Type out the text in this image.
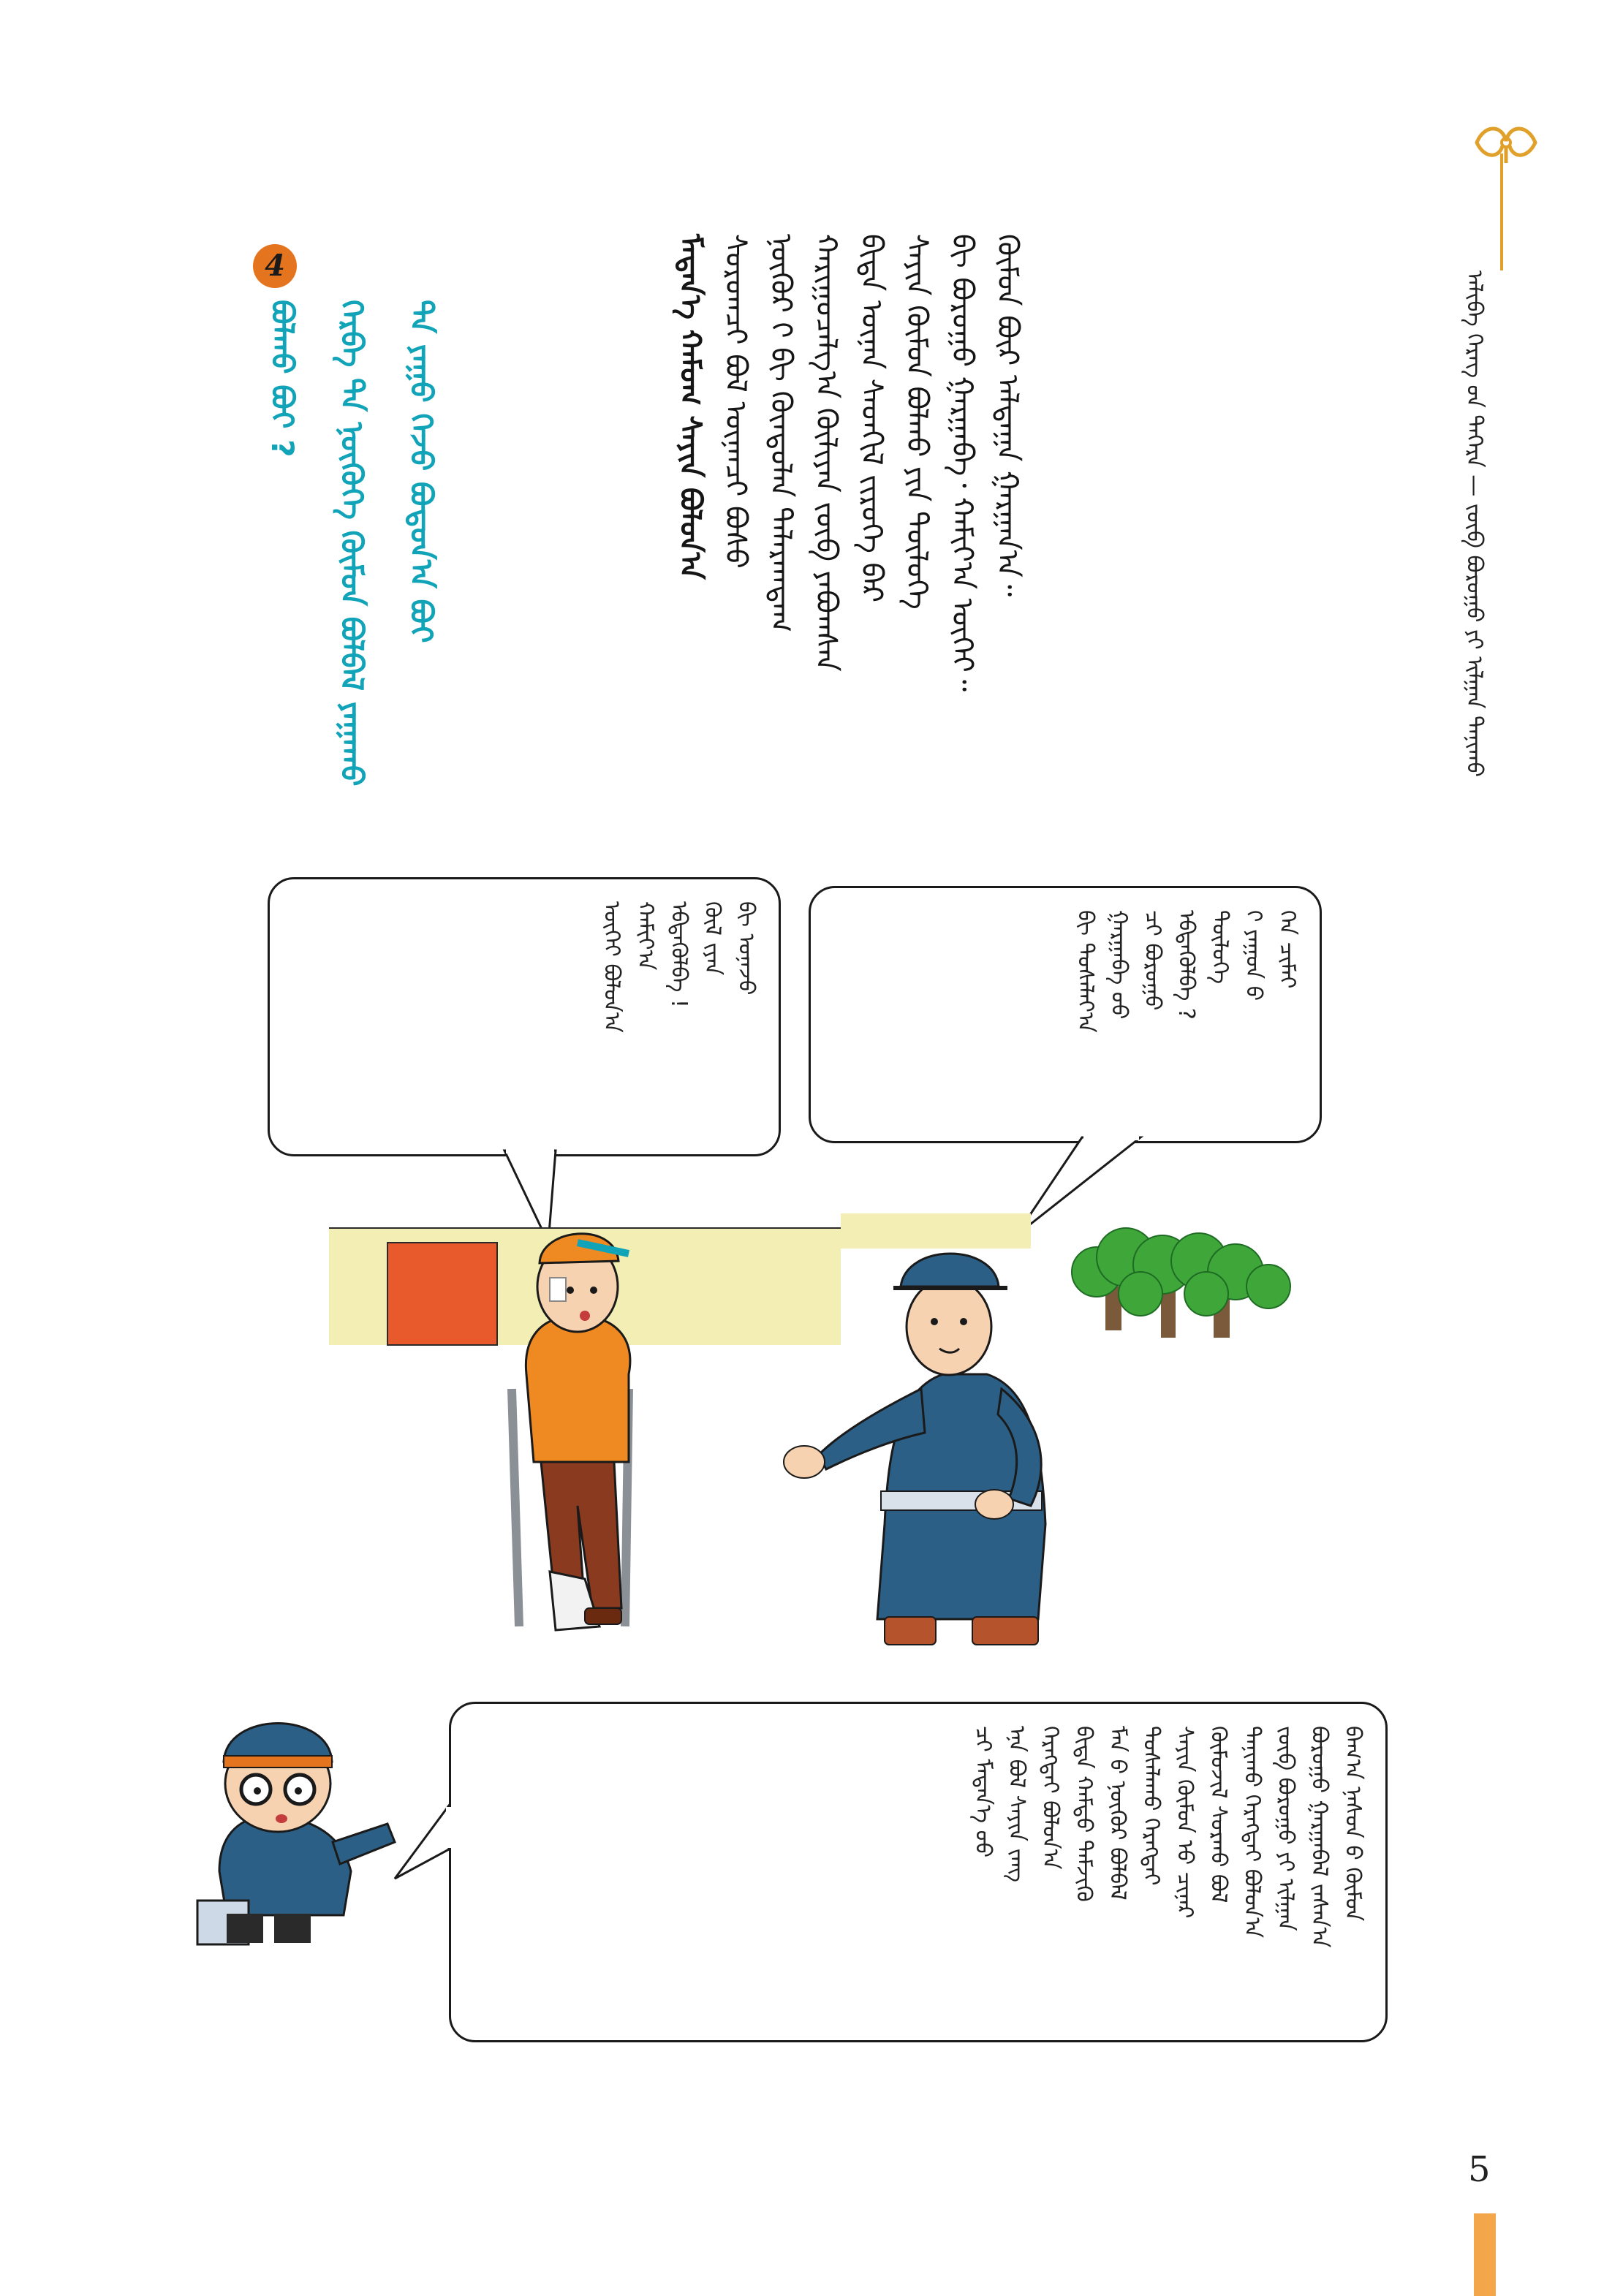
ᠠᠯᠢᠪᠠ ᠬᠡᠷᠡᠭ ᠦ᠋ᠨ ᠳᠡᠭᠡᠷᠡ — ᠵᠥᠪ ᠪᠤᠷᠤᠭᠤ ᠶᠢ ᠢᠯᠭᠠᠨ ᠲᠠᠨᠢᠬᠤ
ᠬᠥᠮᠦᠨ ᠪᠦᠷ ᠠᠯᠳᠠᠭᠠ ᠭᠠᠷᠭᠠᠨ᠎ᠠ᠃
ᠪᠢ ᠪᠤᠷᠤᠭᠤ ᠭᠠᠷᠭᠠᠪᠠ᠂ ᠬᠠᠮᠢᠶ᠎ᠠ ᠦᠭᠡᠢ᠃
ᠰᠠᠶᠢᠨ ᠬᠥᠮᠦᠨ ᠪᠤᠯᠬᠤ ᠶᠢᠨ ᠲᠥᠯᠥᠭᠡ
ᠪᠢᠳᠡ ᠦᠨᠡᠨ ᠰᠡᠳᠭᠢᠯ ᠵᠢᠷᠦᠬᠡ ᠪᠡᠷ
ᠬᠠᠷᠢᠭᠤᠴᠠᠯᠭ᠎ᠠ ᠬᠦᠯᠢᠶᠡᠨ ᠵᠥᠪ ᠶᠠᠪᠤᠭᠰᠠᠨ
ᠨᠥᠬᠥᠷ ᠢ᠋ ᠪᠢ ᠬᠦᠨᠳᠦᠯᠡᠨ ᠲᠠᠯᠠᠷᠬᠠᠳᠠᠭ
ᠰᠤᠷᠤᠭᠴᠢ ᠪᠣᠯ ᠦᠨᠡᠨᠴᠢ ᠪᠤᠰᠤ
ᠮᠡᠳᠡᠨ᠎ᠡ ᠬᠠᠮᠤᠭ ᠰᠠᠶᠢᠨ ᠪᠣᠯᠤᠨ᠎ᠠ
4
ᠲᠠ ᠶᠠᠭᠤ ᠭᠡᠵᠦ ᠪᠣᠳᠤᠨ᠎ᠠ ᠪᠣᠢ
ᠬᠡᠷᠪᠡ ᠲᠠ ᠨᠥᠭᠥᠭᠡ ᠬᠥᠮᠦᠨ ᠪᠣᠯᠪᠠᠯ ᠶᠠᠭᠠᠬᠤ
ᠪᠤᠯᠬᠤ ᠪᠣᠢ ?
ᠪᠢ ᠤᠨᠠᠵᠤ
ᠬᠥᠯ ᠢ᠋ᠶᠡᠨ
ᠡᠪᠳᠡᠭᠦᠯᠪᠡ !
ᠬᠠᠮᠢᠶ᠎ᠠ
ᠦᠭᠡᠢ ᠪᠣᠯᠤᠨ᠎ᠠ	ᠬᠡᠨ ᠴᠢᠮᠠᠢ
ᠢ᠋ ᠶᠠᠭᠤᠨ ᠤ᠋
ᠲᠥᠯᠥᠭᠡ
ᠡᠪᠳᠡᠭᠦᠯᠪᠡ ?
ᠴᠢ ᠪᠤᠷᠤᠭᠤ
ᠭᠠᠷᠭᠠᠪᠠ ᠤᠤ
ᠪᠢ ᠲᠤᠰᠠᠯᠠᠶ᠎ᠠ
ᠪᠠᠭ᠎ᠠ ᠨᠠᠰᠤᠨ ᠤ᠋ ᠬᠥᠮᠦᠨ
ᠪᠤᠷᠤᠭᠤ ᠭᠠᠷᠭᠠᠪᠠᠯ ᠵᠠᠰᠠᠨ᠎ᠠ
ᠵᠥᠪ ᠪᠤᠷᠤᠭᠤ ᠶᠢ ᠢᠯᠭᠠᠨ
ᠲᠠᠨᠢᠬᠤ ᠬᠡᠷᠡᠭᠲᠡᠢ ᠪᠣᠯᠤᠨ᠎ᠠ
ᠬᠦᠮᠦᠵᠢᠯ ᠰᠤᠷᠬᠤ ᠪᠣᠯ
ᠰᠠᠶᠢᠨ ᠬᠥᠮᠦᠨ ᠦ᠋ ᠴᠢᠨᠠᠷ
ᠲᠤᠰᠠᠯᠠᠬᠤ ᠬᠡᠷᠡᠭᠲᠡᠢ
ᠮᠠᠨ ᠤ᠋ ᠨᠥᠬᠥᠷ ᠪᠤᠯᠪᠠᠯ
ᠪᠢᠳᠡ ᠬᠠᠮᠲᠤ ᠳᠡᠮᠵᠢᠬᠦ
ᠬᠡᠷᠡᠭᠲᠡᠢ ᠪᠣᠯᠤᠨ᠎ᠠ
ᠡᠨᠡ ᠪᠣᠯ ᠰᠠᠶᠢᠨ ᠵᠠᠩ
ᠴᠢ ᠮᠡᠳᠡᠨ᠎ᠡ ᠦᠦ
5
